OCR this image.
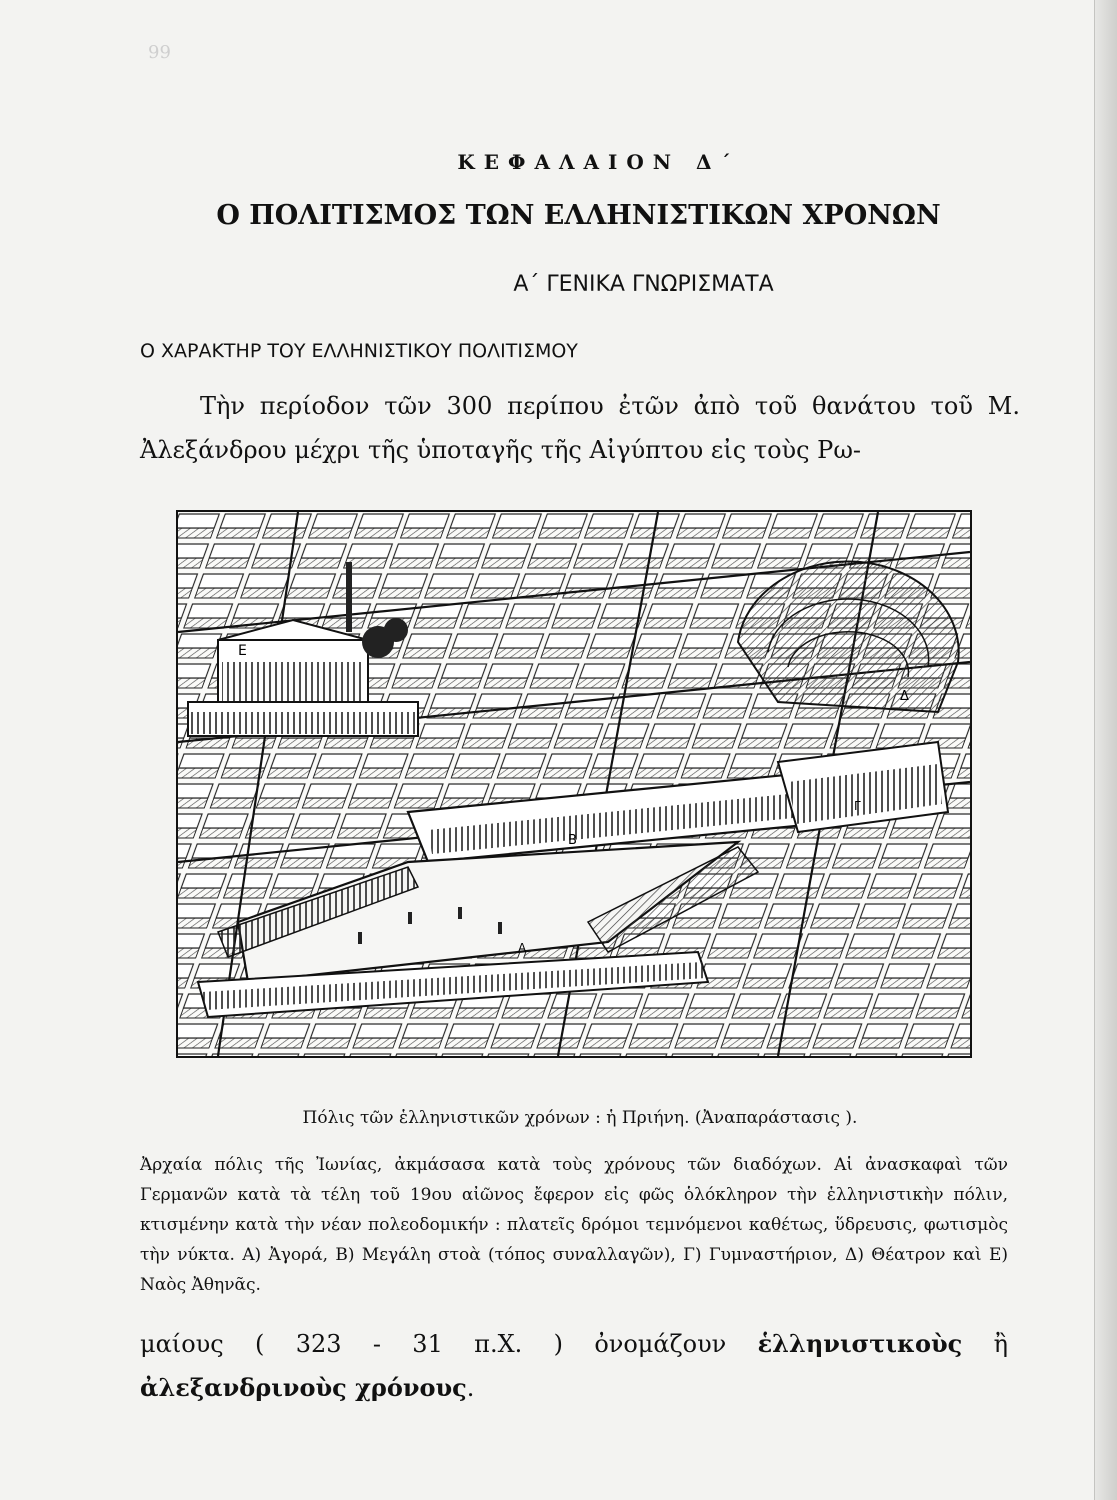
99
ΚΕΦΑΛΑΙΟΝ Δ΄
Ο ΠΟΛΙΤΙΣΜΟΣ ΤΩΝ ΕΛΛΗΝΙΣΤΙΚΩΝ ΧΡΟΝΩΝ
Α΄ ΓΕΝΙΚΑ ΓΝΩΡΙΣΜΑΤΑ
Ο ΧΑΡΑΚΤΗΡ ΤΟΥ ΕΛΛΗΝΙΣΤΙΚΟΥ ΠΟΛΙΤΙΣΜΟΥ
Τὴν περίοδον τῶν 300 περίπου ἐτῶν ἀπὸ τοῦ θανάτου τοῦ Μ. Ἀλεξάνδρου μέχρι τῆς ὑποταγῆς τῆς Αἰγύπτου εἰς τοὺς Ρω-
Ε
Β
Α
Δ
Γ
Πόλις τῶν ἑλληνιστικῶν χρόνων : ἡ Πριήνη. (Ἀναπαράστασις ).
Ἀρχαία πόλις τῆς Ἰωνίας, ἀκμάσασα κατὰ τοὺς χρόνους τῶν διαδόχων. Αἱ ἀνασκαφαὶ τῶν Γερμανῶν κατὰ τὰ τέλη τοῦ 19ου αἰῶνος ἔφερον εἰς φῶς ὁλόκληρον τὴν ἑλληνιστικὴν πόλιν, κτισμένην κατὰ τὴν νέαν πολεοδομικήν : πλατεῖς δρόμοι τεμνόμενοι καθέτως, ὕδρευσις, φωτισμὸς τὴν νύκτα. Α) Ἀγορά, Β) Μεγάλη στοὰ (τόπος συναλλαγῶν), Γ) Γυμναστήριον, Δ) Θέατρον καὶ Ε) Ναὸς Ἀθηνᾶς.
μαίους ( 323 - 31 π.Χ. ) ὀνομάζουν ἑλληνιστικοὺς ἢ ἀλεξανδρινοὺς χρόνους.
